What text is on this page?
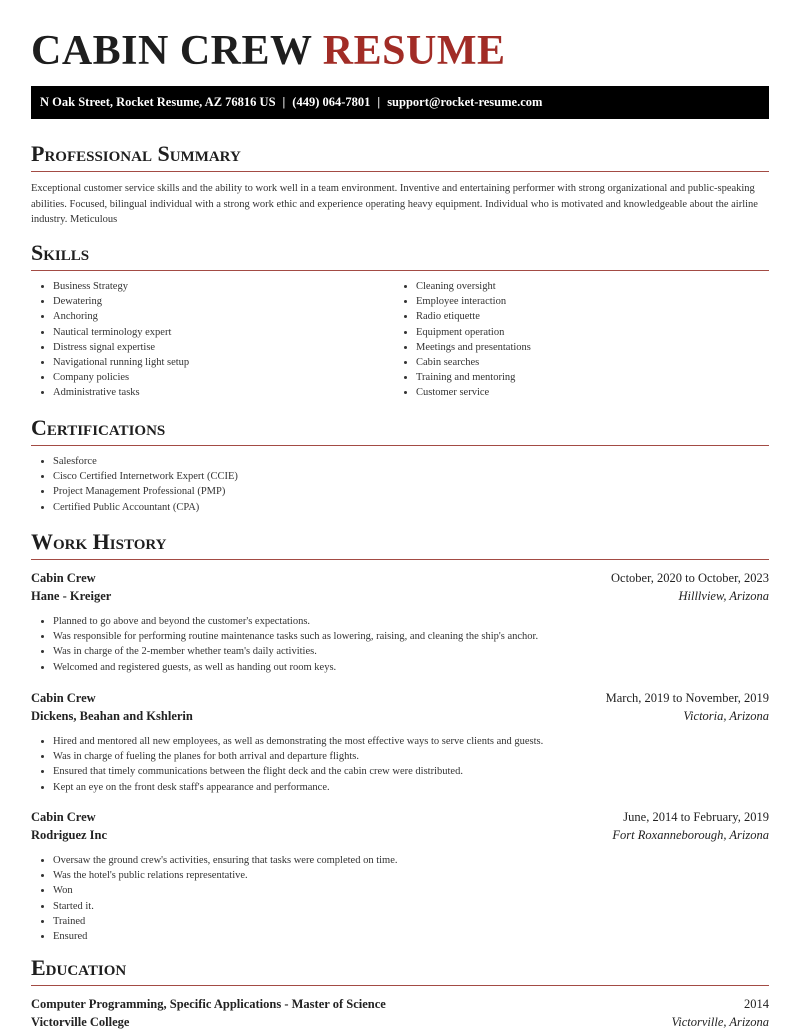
CABIN CREW RESUME
N Oak Street, Rocket Resume, AZ 76816 US | (449) 064-7801 | support@rocket-resume.com
Professional Summary
Exceptional customer service skills and the ability to work well in a team environment. Inventive and entertaining performer with strong organizational and public-speaking abilities. Focused, bilingual individual with a strong work ethic and experience operating heavy equipment. Individual who is motivated and knowledgeable about the airline industry. Meticulous
Skills
• Business Strategy
• Dewatering
• Anchoring
• Nautical terminology expert
• Distress signal expertise
• Navigational running light setup
• Company policies
• Administrative tasks
• Cleaning oversight
• Employee interaction
• Radio etiquette
• Equipment operation
• Meetings and presentations
• Cabin searches
• Training and mentoring
• Customer service
Certifications
• Salesforce
• Cisco Certified Internetwork Expert (CCIE)
• Project Management Professional (PMP)
• Certified Public Accountant (CPA)
Work History
Cabin Crew	October, 2020 to October, 2023
Hane - Kreiger	Hilllview, Arizona
• Planned to go above and beyond the customer's expectations.
• Was responsible for performing routine maintenance tasks such as lowering, raising, and cleaning the ship's anchor.
• Was in charge of the 2-member whether team's daily activities.
• Welcomed and registered guests, as well as handing out room keys.
Cabin Crew	March, 2019 to November, 2019
Dickens, Beahan and Kshlerin	Victoria, Arizona
• Hired and mentored all new employees, as well as demonstrating the most effective ways to serve clients and guests.
• Was in charge of fueling the planes for both arrival and departure flights.
• Ensured that timely communications between the flight deck and the cabin crew were distributed.
• Kept an eye on the front desk staff's appearance and performance.
Cabin Crew	June, 2014 to February, 2019
Rodriguez Inc	Fort Roxanneborough, Arizona
• Oversaw the ground crew's activities, ensuring that tasks were completed on time.
• Was the hotel's public relations representative.
• Won
• Started it.
• Trained
• Ensured
Education
Computer Programming, Specific Applications - Master of Science	2014
Victorville College	Victorville, Arizona
